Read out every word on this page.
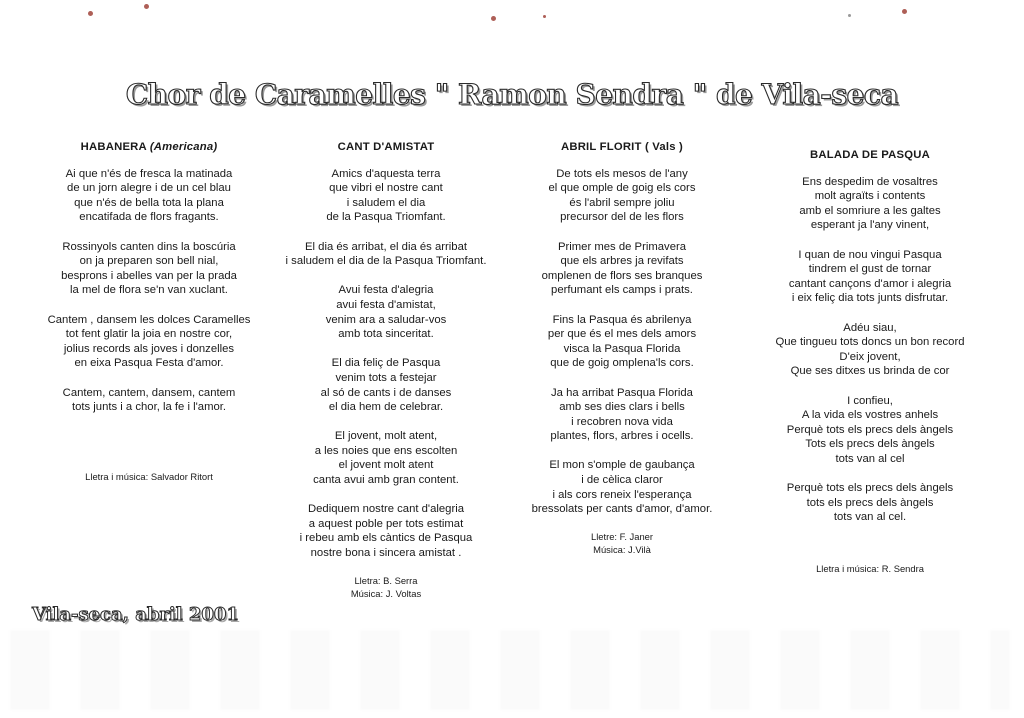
Chor de Caramelles " Ramon Sendra " de Vila-seca
HABANERA (Americana)
Ai que n'és de fresca la matinada
de un jorn alegre i de un cel blau
que n'és de bella tota la plana
encatifada de flors fragants.
Rossinyols canten dins la boscúria
on ja preparen son bell nial,
besprons i abelles van per la prada
la mel de flora se'n van xuclant.
Cantem , dansem les dolces Caramelles
tot fent glatir la joia en nostre cor,
jolius records als joves i donzelles
en eixa Pasqua Festa d'amor.
Cantem, cantem, dansem, cantem
tots junts i a chor, la fe i l'amor.
Lletra i música: Salvador Ritort
CANT D'AMISTAT
Amics d'aquesta terra
que vibri el nostre cant
i saludem el dia
de la Pasqua Triomfant.
El dia és arribat, el dia és arribat
i saludem el dia de la Pasqua Triomfant.
Avui festa d'alegria
avui festa d'amistat,
venim ara a saludar-vos
amb tota sinceritat.
El dia feliç de Pasqua
venim tots a festejar
al só de cants i de danses
el dia hem de celebrar.
El jovent, molt atent,
a les noies que ens escolten
el jovent molt atent
canta avui amb gran content.
Dediquem nostre cant d'alegria
a aquest poble per tots estimat
i rebeu amb els càntics de Pasqua
nostre bona i sincera amistat .
Lletra: B. Serra
Música: J. Voltas
ABRIL FLORIT ( Vals )
De tots els mesos de l'any
el que omple de goig els cors
és l'abril sempre joliu
precursor del de les flors
Primer mes de Primavera
que els arbres ja revifats
omplenen de flors ses branques
perfumant els camps i prats.
Fins la Pasqua és abrilenya
per que és el mes dels amors
visca la Pasqua Florida
que de goig omplena'ls cors.
Ja ha arribat Pasqua Florida
amb ses dies clars i bells
i recobren nova vida
plantes, flors, arbres i ocells.
El mon s'omple de gaubança
i de cèlica claror
i als cors reneix l'esperança
bressolats per cants d'amor, d'amor.
Lletre: F. Janer
Música: J.Vilà
BALADA DE PASQUA
Ens despedim de vosaltres
molt agraïts i contents
amb el somriure a les galtes
esperant ja l'any vinent,
I quan de nou vingui Pasqua
tindrem el gust de tornar
cantant cançons d'amor i alegria
i eix feliç dia tots junts disfrutar.
Adéu siau,
Que tingueu tots doncs un bon record
D'eix jovent,
Que ses ditxes us brinda de cor
I confieu,
A la vida els vostres anhels
Perquè tots els precs dels àngels
Tots els precs dels àngels
tots van al cel
Perquè tots els precs dels àngels
tots els precs dels àngels
tots van al cel.
Lletra i música: R. Sendra
Vila-seca, abril 2001
